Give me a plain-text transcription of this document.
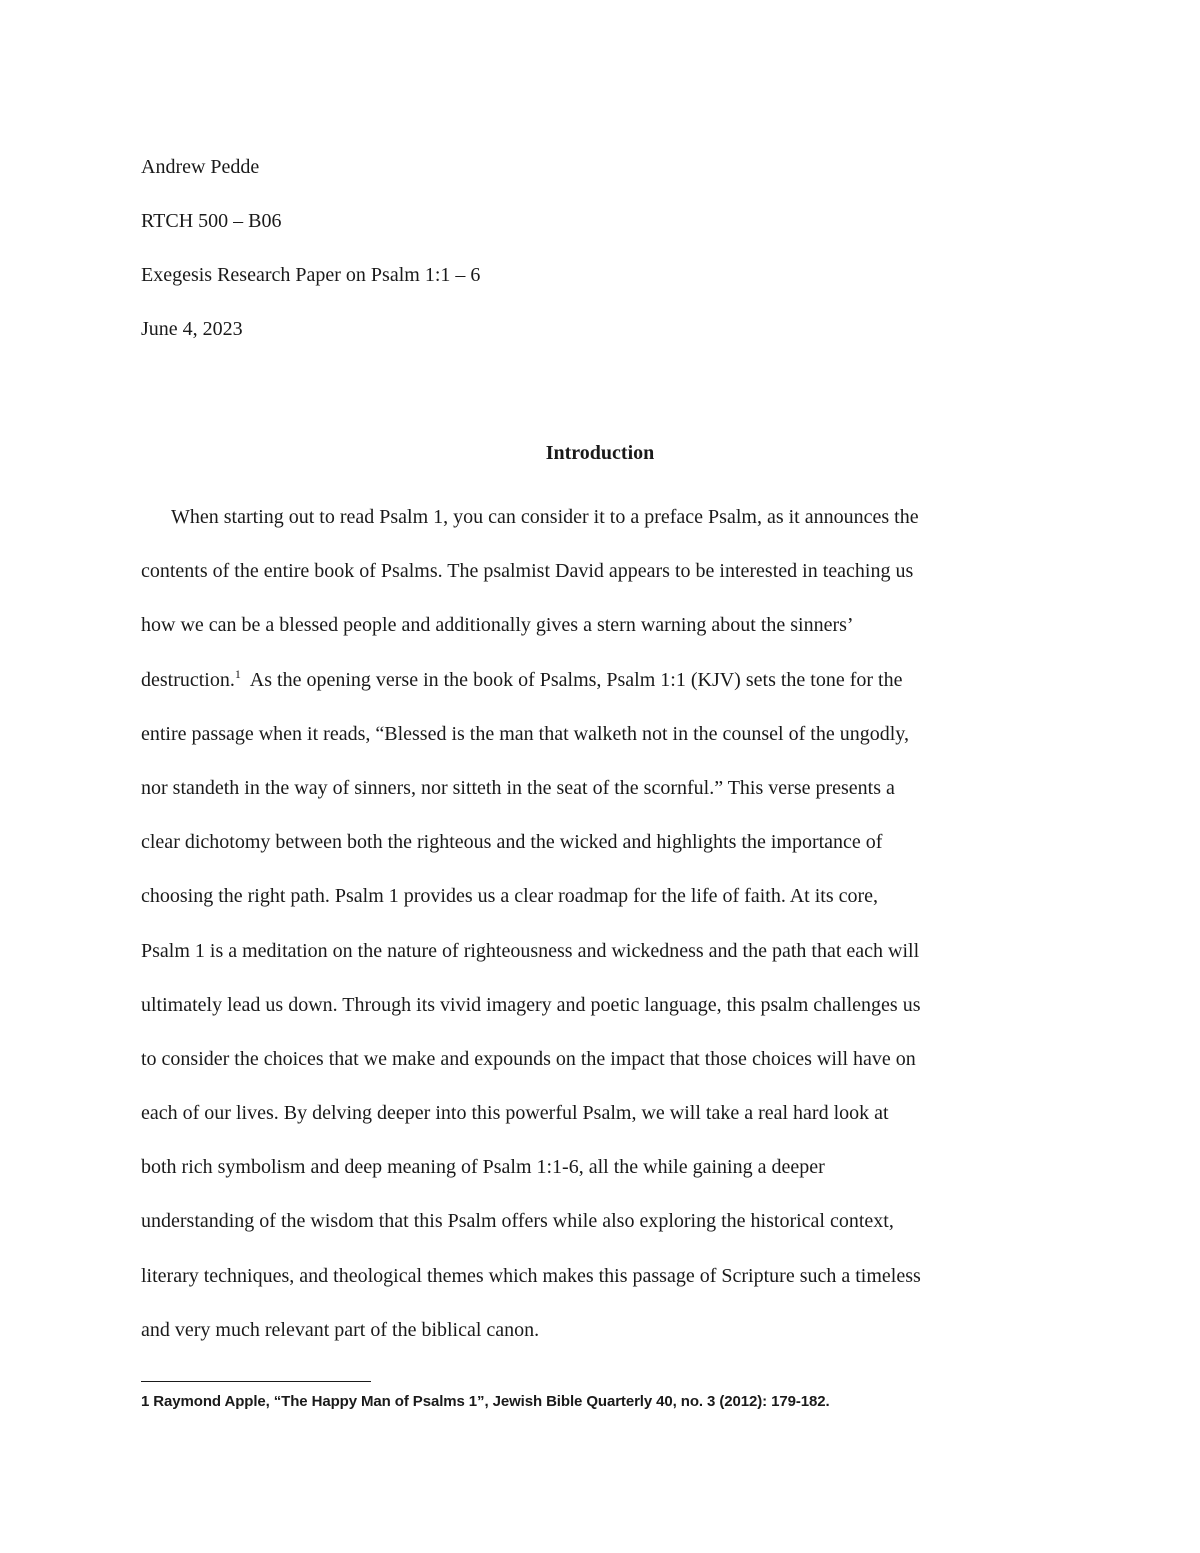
Andrew Pedde

RTCH 500 – B06

Exegesis Research Paper on Psalm 1:1 – 6

June 4, 2023

Introduction
When starting out to read Psalm 1, you can consider it to a preface Psalm, as it announces the
contents of the entire book of Psalms. The psalmist David appears to be interested in teaching us
how we can be a blessed people and additionally gives a stern warning about the sinners’
destruction.$^1$ As the opening verse in the book of Psalms, Psalm 1:1 (KJV) sets the tone for the
entire passage when it reads, “Blessed is the man that walketh not in the counsel of the ungodly,
nor standeth in the way of sinners, nor sitteth in the seat of the scornful.” This verse presents a
clear dichotomy between both the righteous and the wicked and highlights the importance of
choosing the right path. Psalm 1 provides us a clear roadmap for the life of faith. At its core,
Psalm 1 is a meditation on the nature of righteousness and wickedness and the path that each will
ultimately lead us down. Through its vivid imagery and poetic language, this psalm challenges us
to consider the choices that we make and expounds on the impact that those choices will have on
each of our lives. By delving deeper into this powerful Psalm, we will take a real hard look at
both rich symbolism and deep meaning of Psalm 1:1-6, all the while gaining a deeper
understanding of the wisdom that this Psalm offers while also exploring the historical context,
literary techniques, and theological themes which makes this passage of Scripture such a timeless
and very much relevant part of the biblical canon.

1 Raymond Apple, “The Happy Man of Psalms 1”, Jewish Bible Quarterly 40, no. 3 (2012): 179-182.
